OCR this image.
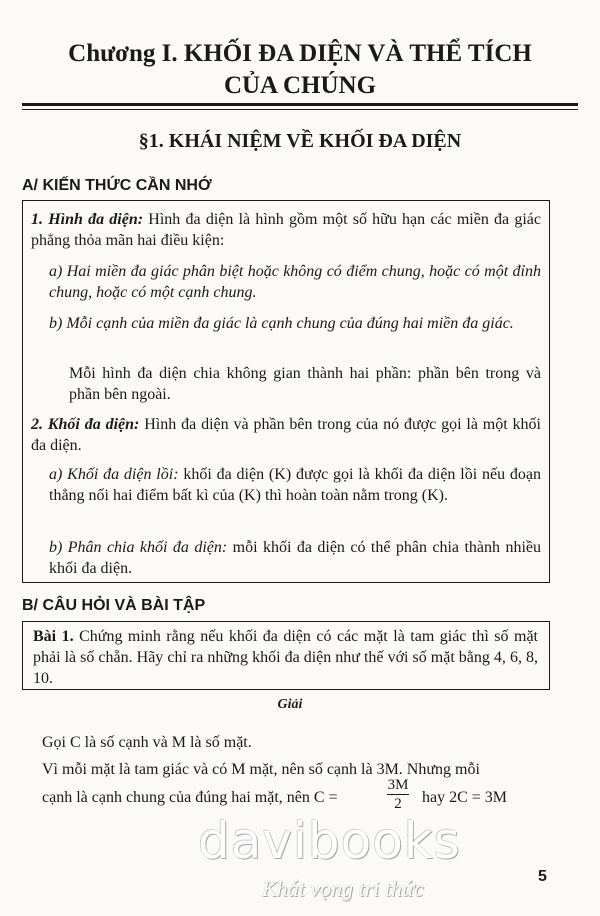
Chương I. KHỐI ĐA DIỆN VÀ THỂ TÍCH
CỦA CHÚNG
§1. KHÁI NIỆM VỀ KHỐI ĐA DIỆN
A/ KIẾN THỨC CẦN NHỚ

1. Hình đa diện: Hình đa diện là hình gồm một số hữu hạn các miền đa giác phẳng thỏa mãn hai điều kiện:

a) Hai miền đa giác phân biệt hoặc không có điểm chung, hoặc có một đỉnh chung, hoặc có một cạnh chung.

b) Mỗi cạnh của miền đa giác là cạnh chung của đúng hai miền đa giác.

Mỗi hình đa diện chia không gian thành hai phần: phần bên trong và phần bên ngoài.

2. Khối đa diện: Hình đa diện và phần bên trong của nó được gọi là một khối đa diện.

a) Khối đa diện lồi: khối đa diện (K) được gọi là khối đa diện lồi nếu đoạn thẳng nối hai điểm bất kì của (K) thì hoàn toàn nằm trong (K).

b) Phân chia khối đa diện: mỗi khối đa diện có thể phân chia thành nhiều khối đa diện.

B/ CÂU HỎI VÀ BÀI TẬP

Bài 1. Chứng minh rằng nếu khối đa diện có các mặt là tam giác thì số mặt phải là số chẵn. Hãy chỉ ra những khối đa diện như thế với số mặt bằng 4, 6, 8, 10.

Giải

Gọi C là số cạnh và M là số mặt.

Vì mỗi mặt là tam giác và có M mặt, nên số cạnh là 3M. Nhưng mỗi

cạnh là cạnh chung của đúng hai mặt, nên C =	$\frac{3M}{2}$ hay 2C = 3M

davibooks
Khát vọng tri thức	5
